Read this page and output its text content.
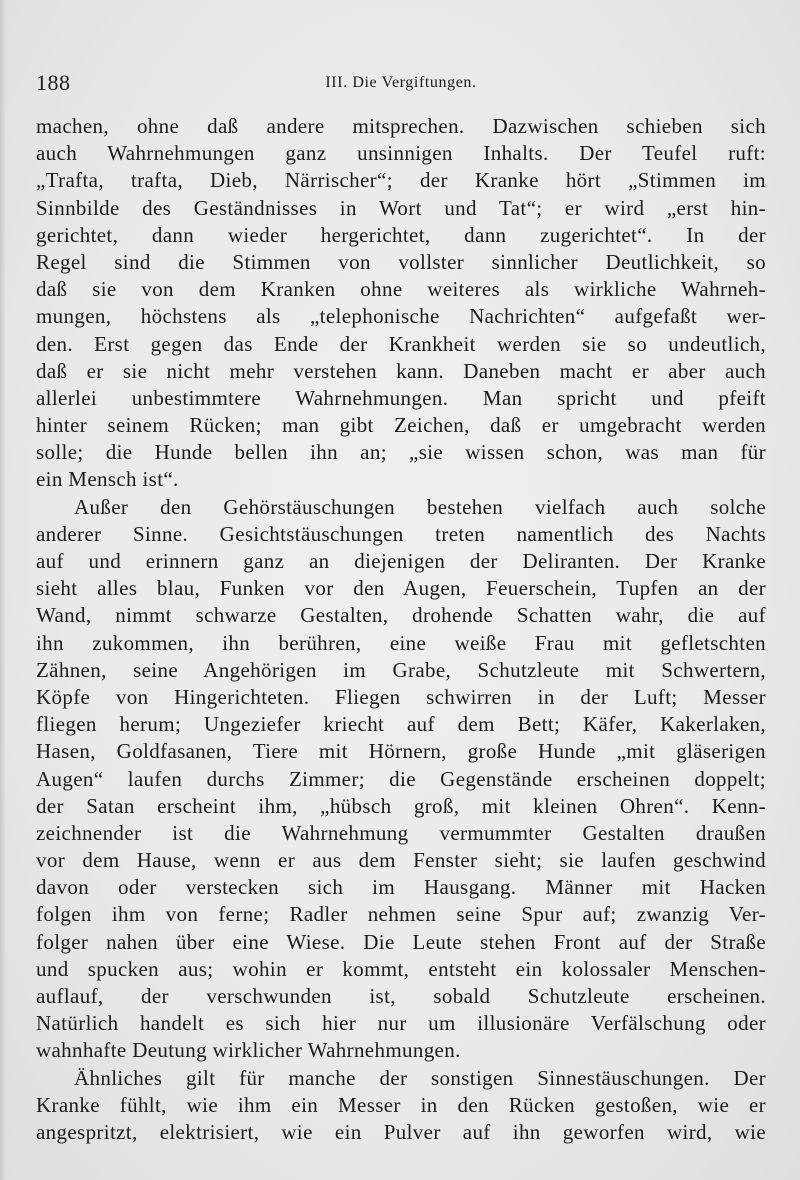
188	III. Die Vergiftungen.
machen, ohne daß andere mitsprechen. Dazwischen schieben sich
auch Wahrnehmungen ganz unsinnigen Inhalts. Der Teufel ruft:
„Trafta, trafta, Dieb, Närrischer“; der Kranke hört „Stimmen im
Sinnbilde des Geständnisses in Wort und Tat“; er wird „erst hin-
gerichtet, dann wieder hergerichtet, dann zugerichtet“. In der
Regel sind die Stimmen von vollster sinnlicher Deutlichkeit, so
daß sie von dem Kranken ohne weiteres als wirkliche Wahrneh-
mungen, höchstens als „telephonische Nachrichten“ aufgefaßt wer-
den. Erst gegen das Ende der Krankheit werden sie so undeutlich,
daß er sie nicht mehr verstehen kann. Daneben macht er aber auch
allerlei unbestimmtere Wahrnehmungen. Man spricht und pfeift
hinter seinem Rücken; man gibt Zeichen, daß er umgebracht werden
solle; die Hunde bellen ihn an; „sie wissen schon, was man für
ein Mensch ist“.
Außer den Gehörstäuschungen bestehen vielfach auch solche
anderer Sinne. Gesichtstäuschungen treten namentlich des Nachts
auf und erinnern ganz an diejenigen der Deliranten. Der Kranke
sieht alles blau, Funken vor den Augen, Feuerschein, Tupfen an der
Wand, nimmt schwarze Gestalten, drohende Schatten wahr, die auf
ihn zukommen, ihn berühren, eine weiße Frau mit gefletschten
Zähnen, seine Angehörigen im Grabe, Schutzleute mit Schwertern,
Köpfe von Hingerichteten. Fliegen schwirren in der Luft; Messer
fliegen herum; Ungeziefer kriecht auf dem Bett; Käfer, Kakerlaken,
Hasen, Goldfasanen, Tiere mit Hörnern, große Hunde „mit gläserigen
Augen“ laufen durchs Zimmer; die Gegenstände erscheinen doppelt;
der Satan erscheint ihm, „hübsch groß, mit kleinen Ohren“. Kenn-
zeichnender ist die Wahrnehmung vermummter Gestalten draußen
vor dem Hause, wenn er aus dem Fenster sieht; sie laufen geschwind
davon oder verstecken sich im Hausgang. Männer mit Hacken
folgen ihm von ferne; Radler nehmen seine Spur auf; zwanzig Ver-
folger nahen über eine Wiese. Die Leute stehen Front auf der Straße
und spucken aus; wohin er kommt, entsteht ein kolossaler Menschen-
auflauf, der verschwunden ist, sobald Schutzleute erscheinen.
Natürlich handelt es sich hier nur um illusionäre Verfälschung oder
wahnhafte Deutung wirklicher Wahrnehmungen.
Ähnliches gilt für manche der sonstigen Sinnestäuschungen. Der
Kranke fühlt, wie ihm ein Messer in den Rücken gestoßen, wie er
angespritzt, elektrisiert, wie ein Pulver auf ihn geworfen wird, wie
